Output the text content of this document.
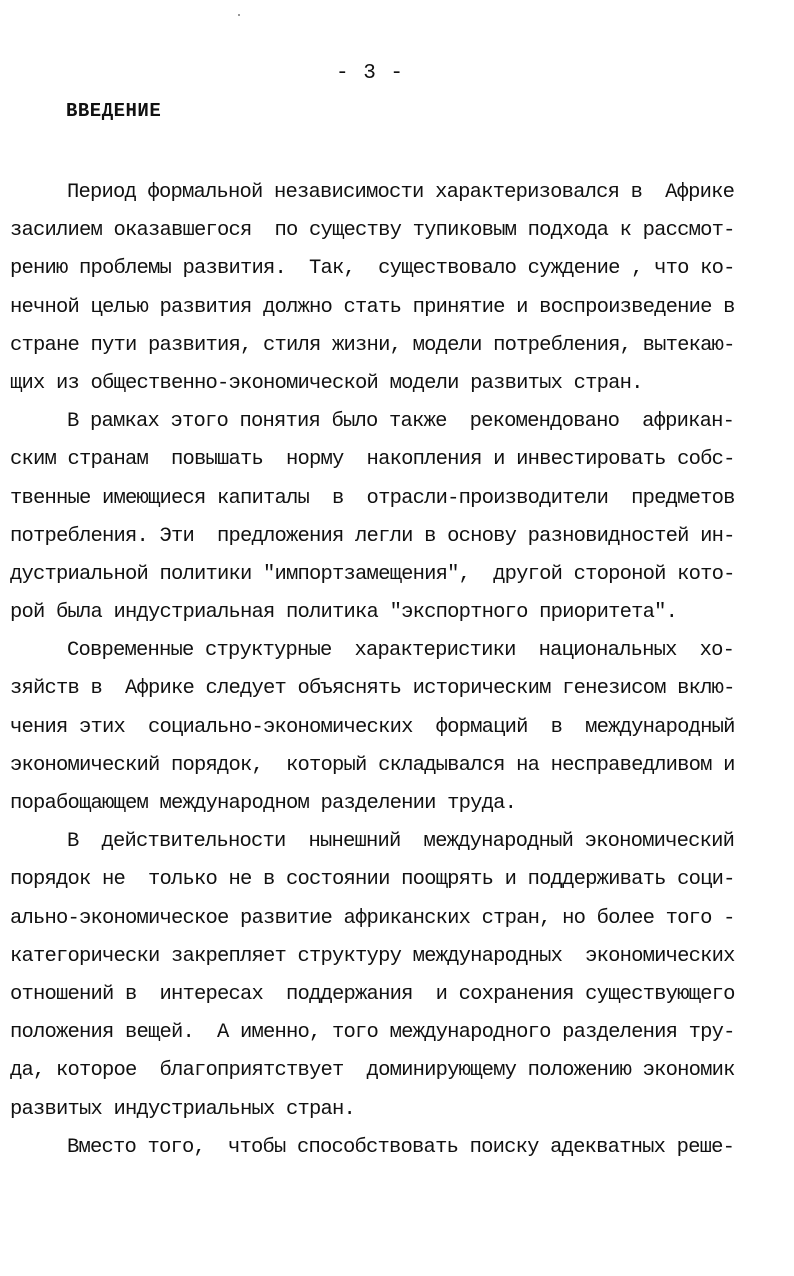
- 3 -
ВВЕДЕНИЕ
Период формальной независимости характеризовался в  Африке
засилием оказавшегося  по существу тупиковым подхода к рассмот-
рению проблемы развития.  Так,  существовало суждение , что ко-
нечной целью развития должно стать принятие и воспроизведение в
стране пути развития, стиля жизни, модели потребления, вытекаю-
щих из общественно-экономической модели развитых стран.
В рамках этого понятия было также  рекомендовано  африкан-
ским странам  повышать  норму  накопления и инвестировать собс-
твенные имеющиеся капиталы  в  отрасли-производители  предметов
потребления. Эти  предложения легли в основу разновидностей ин-
дустриальной политики "импортзамещения",  другой стороной кото-
рой была индустриальная политика "экспортного приоритета".
Современные структурные  характеристики  национальных  хо-
зяйств в  Африке следует объяснять историческим генезисом вклю-
чения этих  социально-экономических  формаций  в  международный
экономический порядок,  который складывался на несправедливом и
порабощающем международном разделении труда.
В  действительности  нынешний  международный экономический
порядок не  только не в состоянии поощрять и поддерживать соци-
ально-экономическое развитие африканских стран, но более того -
категорически закрепляет структуру международных  экономических
отношений в  интересах  поддержания  и сохранения существующего
положения вещей.  А именно, того международного разделения тру-
да, которое  благоприятствует  доминирующему положению экономик
развитых индустриальных стран.
Вместо того,  чтобы способствовать поиску адекватных реше-
